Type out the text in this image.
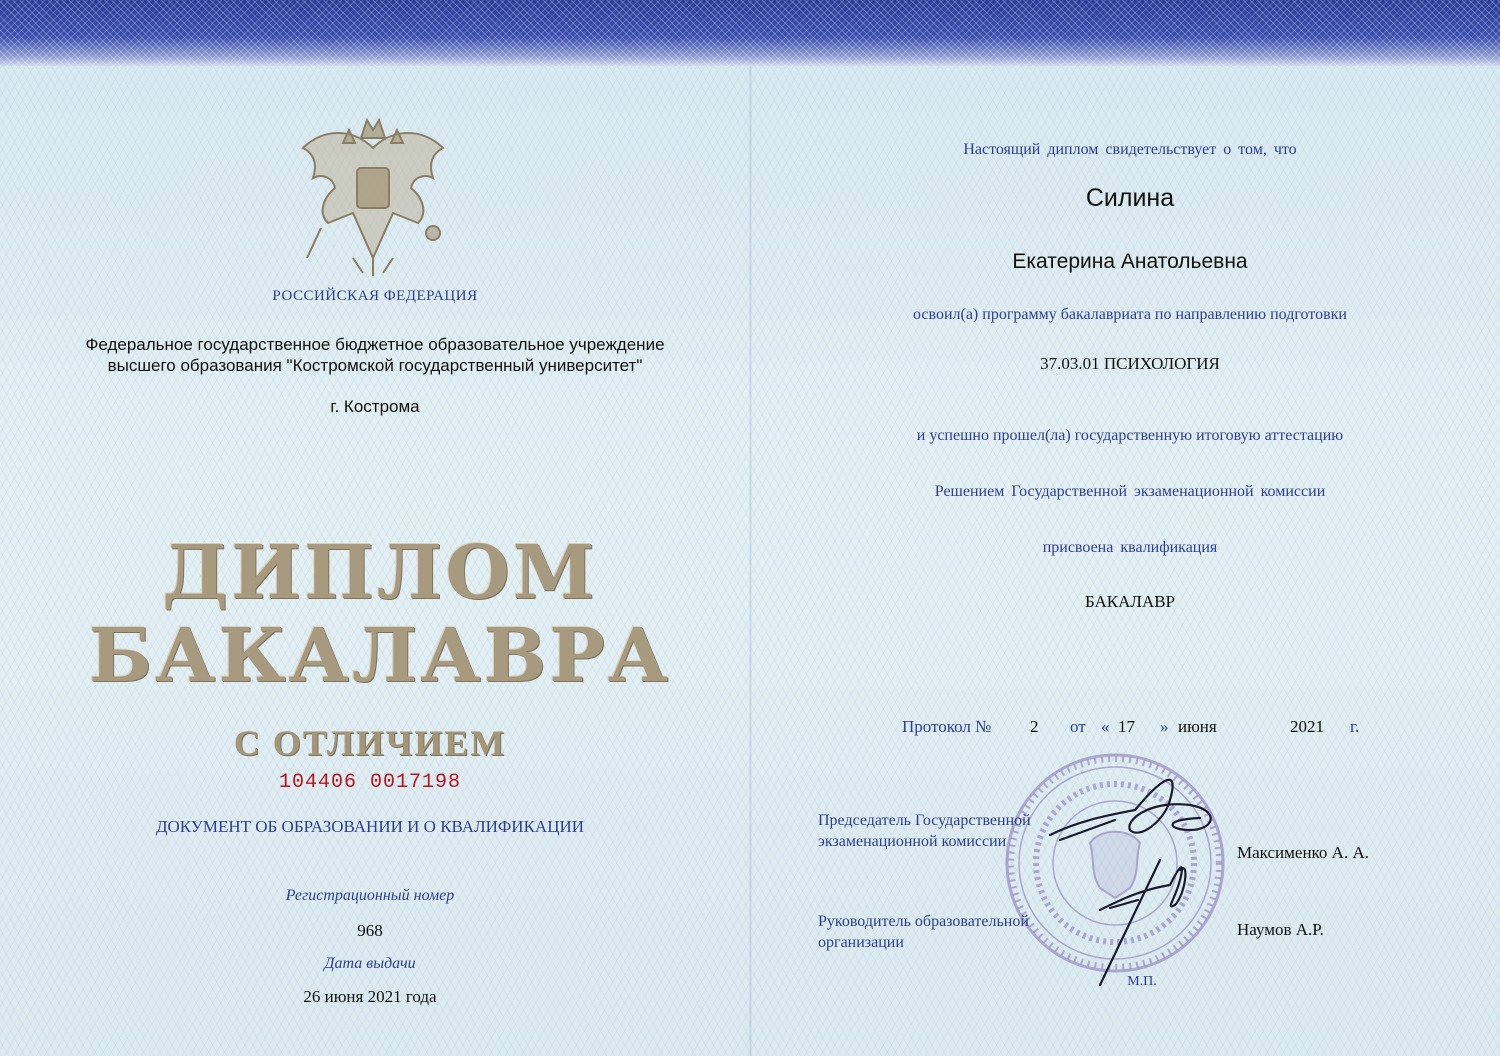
РОССИЙСКАЯ ФЕДЕРАЦИЯ

Федеральное государственное бюджетное образовательное учреждение высшего образования "Костромской государственный университет"

г. Кострома

ДИПЛОМ

БАКАЛАВРА

С ОТЛИЧИЕМ

104406 0017198

ДОКУМЕНТ ОБ ОБРАЗОВАНИИ И О КВАЛИФИКАЦИИ

Регистрационный номер

968

Дата выдачи

26 июня 2021 года

Настоящий диплом свидетельствует о том, что

Силина

Екатерина Анатольевна

освоил(а) программу бакалавриата по направлению подготовки

37.03.01 ПСИХОЛОГИЯ

и успешно прошел(ла) государственную итоговую аттестацию

Решением Государственной экзаменационной комиссии

присвоена квалификация

БАКАЛАВР

Протокол № 2 от « 17 » июня	2021 г.

Председатель Государственной экзаменационной комиссии

Максименко А. А.

Руководитель образовательной организации

Наумов А.Р.

М.П.
